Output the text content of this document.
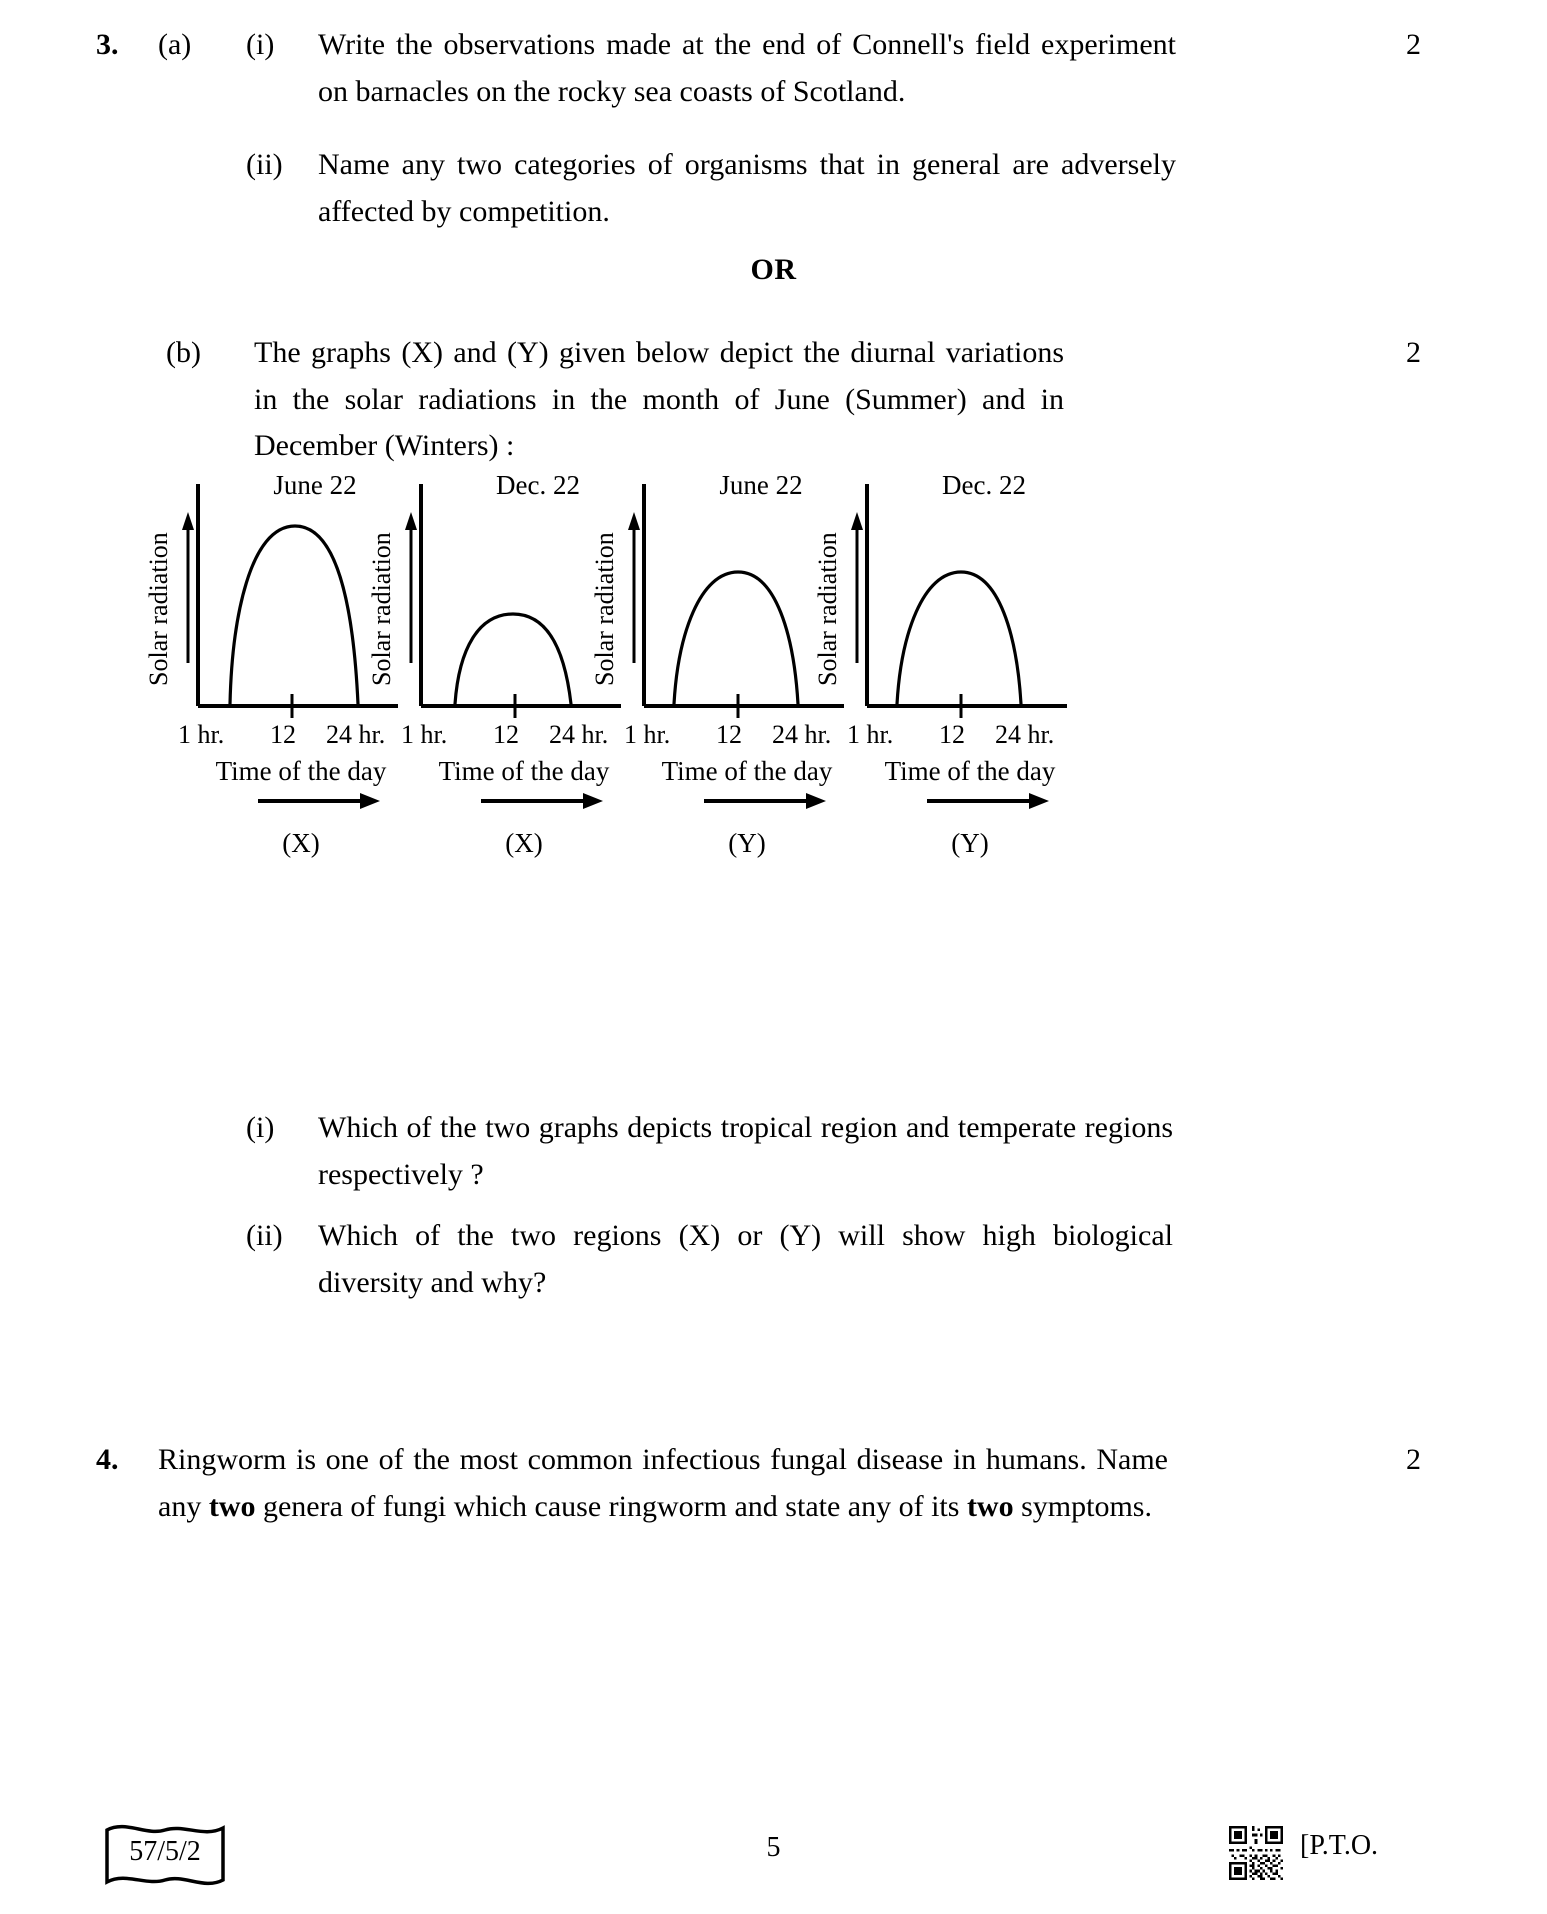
3.	(a)	(i)	Write the observations made at the end of Connell's field experiment on barnacles on the rocky sea coasts of Scotland.
2
(ii)	Name any two categories of organisms that in general are adversely affected by competition.
OR
(b)	The graphs (X) and (Y) given below depict the diurnal variations in the solar radiations in the month of June (Summer) and in December (Winters) :
2
June 22
Solar radiation
1 hr. 12 24 hr.
Time of the day
(X)
Dec. 22
Solar radiation
1 hr. 12 24 hr.
Time of the day
(X)
June 22
Solar radiation
1 hr. 12 24 hr.
Time of the day
(Y)
Dec. 22
Solar radiation
1 hr. 12 24 hr.
Time of the day
(Y)
(i)	Which of the two graphs depicts tropical region and temperate regions respectively ?
(ii)	Which of the two regions (X) or (Y) will show high biological diversity and why?
4.	Ringworm is one of the most common infectious fungal disease in humans. Name any two genera of fungi which cause ringworm and state any of its two symptoms.
2
57/5/2	5	[P.T.O.
